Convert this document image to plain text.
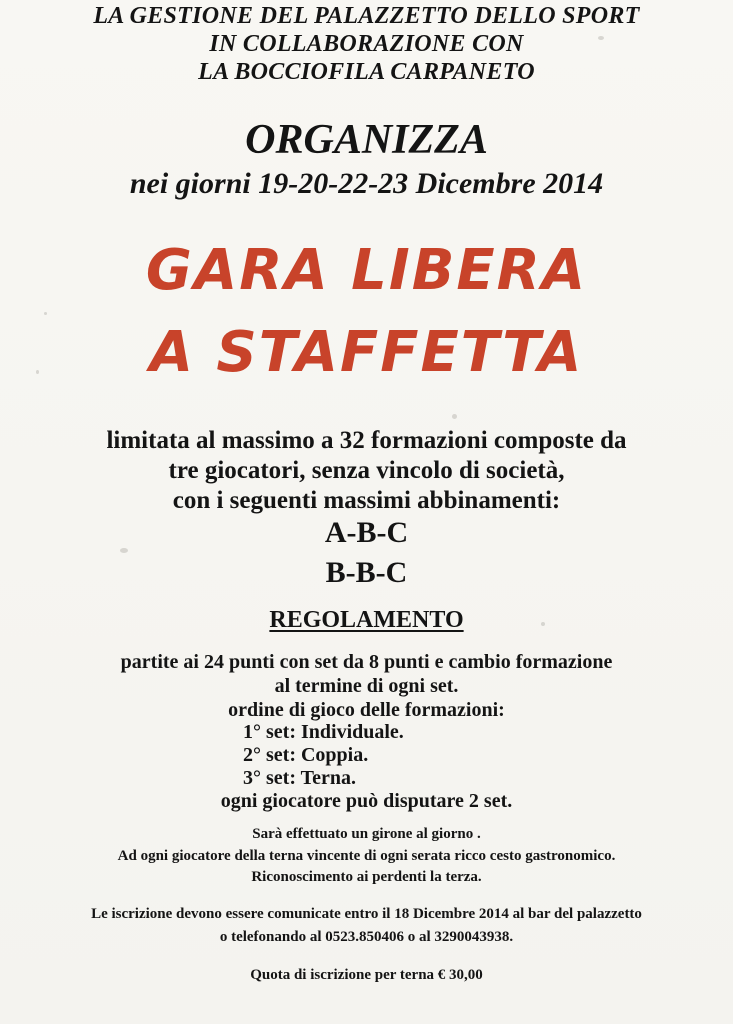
LA GESTIONE DEL PALAZZETTO DELLO SPORT

IN COLLABORAZIONE CON

LA BOCCIOFILA CARPANETO

ORGANIZZA

nei giorni 19-20-22-23 Dicembre 2014

GARA LIBERA

A STAFFETTA

limitata al massimo a 32 formazioni composte da

tre giocatori, senza vincolo di società,

con i seguenti massimi abbinamenti:

A-B-C

B-B-C

REGOLAMENTO

partite ai 24 punti con set da 8 punti e cambio formazione

al termine di ogni set.

ordine di gioco delle formazioni:

1° set: Individuale.

2° set: Coppia.

3° set: Terna.

ogni giocatore può disputare 2 set.

Sarà effettuato un girone al giorno .

Ad ogni giocatore della terna vincente di ogni serata ricco cesto gastronomico.

Riconoscimento ai perdenti la terza.

Le iscrizione devono essere comunicate entro il 18 Dicembre 2014 al bar del palazzetto

o telefonando al 0523.850406 o al 3290043938.

Quota di iscrizione per terna € 30,00
